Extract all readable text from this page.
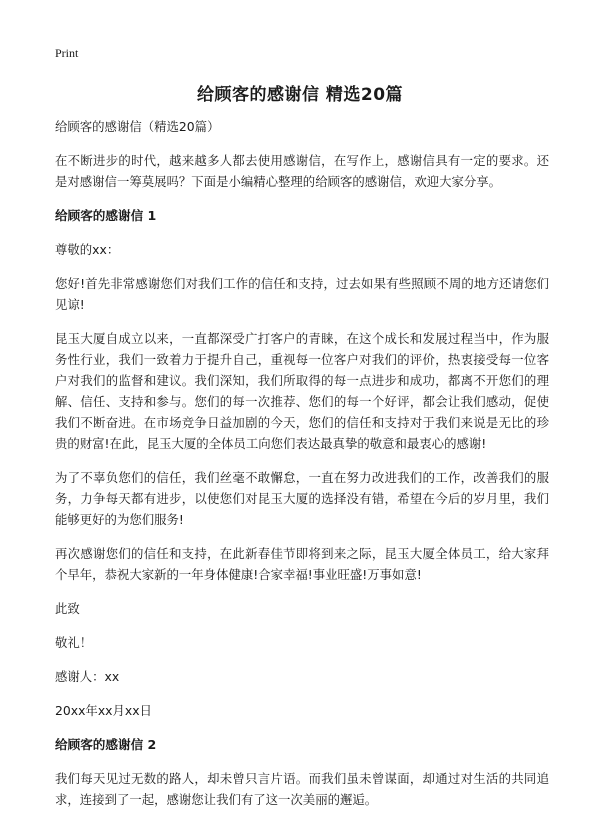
Print
给顾客的感谢信 精选20篇

给顾客的感谢信（精选20篇）

在不断进步的时代，越来越多人都去使用感谢信，在写作上，感谢信具有一定的要求。还是对感谢信一筹莫展吗？下面是小编精心整理的给顾客的感谢信，欢迎大家分享。

给顾客的感谢信 1

尊敬的xx：

您好!首先非常感谢您们对我们工作的信任和支持，过去如果有些照顾不周的地方还请您们见谅!

昆玉大厦自成立以来，一直都深受广打客户的青睐，在这个成长和发展过程当中，作为服务性行业，我们一致着力于提升自己，重视每一位客户对我们的评价，热衷接受每一位客户对我们的监督和建议。我们深知，我们所取得的每一点进步和成功，都离不开您们的理解、信任、支持和参与。您们的每一次推荐、您们的每一个好评，都会让我们感动，促使我们不断奋进。在市场竞争日益加剧的今天，您们的信任和支持对于我们来说是无比的珍贵的财富!在此，昆玉大厦的全体员工向您们表达最真挚的敬意和最衷心的感谢!

为了不辜负您们的信任，我们丝毫不敢懈怠，一直在努力改进我们的工作，改善我们的服务，力争每天都有进步，以使您们对昆玉大厦的选择没有错，希望在今后的岁月里，我们能够更好的为您们服务!

再次感谢您们的信任和支持，在此新春佳节即将到来之际，昆玉大厦全体员工，给大家拜个早年，恭祝大家新的一年身体健康!合家幸福!事业旺盛!万事如意!

此致

敬礼！

感谢人：xx

20xx年xx月xx日

给顾客的感谢信 2

我们每天见过无数的路人，却未曾只言片语。而我们虽未曾谋面，却通过对生活的共同追求，连接到了一起，感谢您让我们有了这一次美丽的邂逅。
